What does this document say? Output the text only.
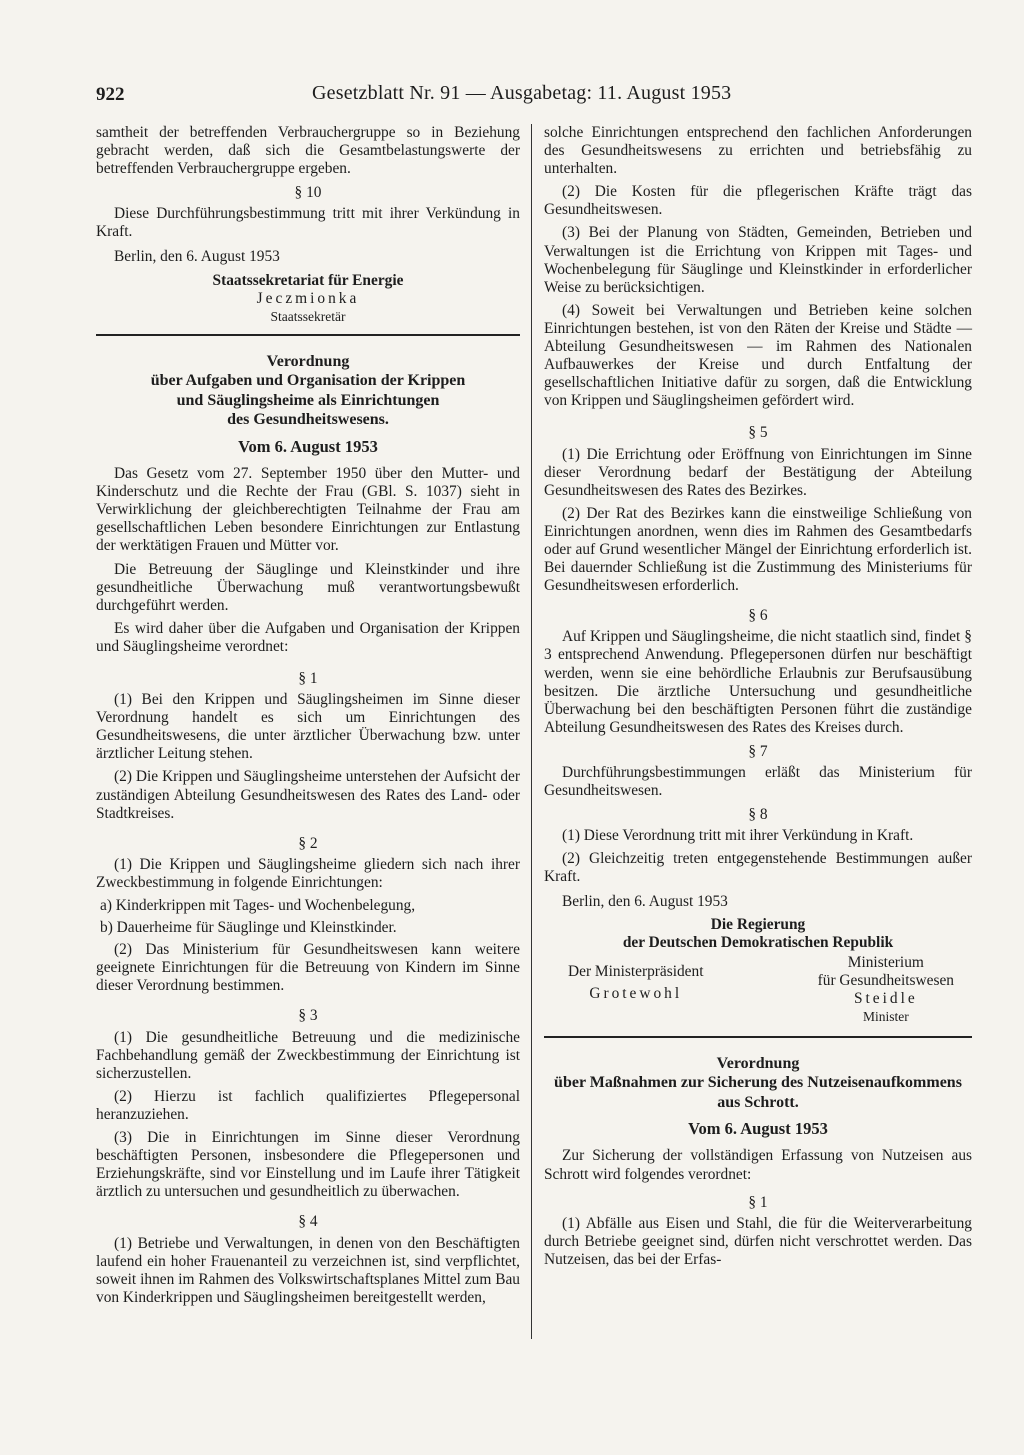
922	Gesetzblatt Nr. 91 — Ausgabetag: 11. August 1953

samtheit der betreffenden Verbrauchergruppe so in Beziehung gebracht werden, daß sich die Gesamtbelastungswerte der betreffenden Verbrauchergruppe ergeben.

§ 10

Diese Durchführungsbestimmung tritt mit ihrer Verkündung in Kraft.

Berlin, den 6. August 1953

Staatssekretariat für Energie

Jeczmionka

Staatssekretär

Verordnung

über Aufgaben und Organisation der Krippen

und Säuglingsheime als Einrichtungen

des Gesundheitswesens.

Vom 6. August 1953

Das Gesetz vom 27. September 1950 über den Mutter- und Kinderschutz und die Rechte der Frau (GBl. S. 1037) sieht in Verwirklichung der gleichberechtigten Teilnahme der Frau am gesellschaftlichen Leben besondere Einrichtungen zur Entlastung der werktätigen Frauen und Mütter vor.

Die Betreuung der Säuglinge und Kleinstkinder und ihre gesundheitliche Überwachung muß verantwortungsbewußt durchgeführt werden.

Es wird daher über die Aufgaben und Organisation der Krippen und Säuglingsheime verordnet:

§ 1

(1) Bei den Krippen und Säuglingsheimen im Sinne dieser Verordnung handelt es sich um Einrichtungen des Gesundheitswesens, die unter ärztlicher Überwachung bzw. unter ärztlicher Leitung stehen.

(2) Die Krippen und Säuglingsheime unterstehen der Aufsicht der zuständigen Abteilung Gesundheitswesen des Rates des Land- oder Stadtkreises.

§ 2

(1) Die Krippen und Säuglingsheime gliedern sich nach ihrer Zweckbestimmung in folgende Einrichtungen:

a) Kinderkrippen mit Tages- und Wochenbelegung,

b) Dauerheime für Säuglinge und Kleinstkinder.

(2) Das Ministerium für Gesundheitswesen kann weitere geeignete Einrichtungen für die Betreuung von Kindern im Sinne dieser Verordnung bestimmen.

§ 3

(1) Die gesundheitliche Betreuung und die medizinische Fachbehandlung gemäß der Zweckbestimmung der Einrichtung ist sicherzustellen.

(2) Hierzu ist fachlich qualifiziertes Pflegepersonal heranzuziehen.

(3) Die in Einrichtungen im Sinne dieser Verordnung beschäftigten Personen, insbesondere die Pflegepersonen und Erziehungskräfte, sind vor Einstellung und im Laufe ihrer Tätigkeit ärztlich zu untersuchen und gesundheitlich zu überwachen.

§ 4

(1) Betriebe und Verwaltungen, in denen von den Beschäftigten laufend ein hoher Frauenanteil zu verzeichnen ist, sind verpflichtet, soweit ihnen im Rahmen des Volkswirtschaftsplanes Mittel zum Bau von Kinderkrippen und Säuglingsheimen bereitgestellt werden,

solche Einrichtungen entsprechend den fachlichen Anforderungen des Gesundheitswesens zu errichten und betriebsfähig zu unterhalten.

(2) Die Kosten für die pflegerischen Kräfte trägt das Gesundheitswesen.

(3) Bei der Planung von Städten, Gemeinden, Betrieben und Verwaltungen ist die Errichtung von Krippen mit Tages- und Wochenbelegung für Säuglinge und Kleinstkinder in erforderlicher Weise zu berücksichtigen.

(4) Soweit bei Verwaltungen und Betrieben keine solchen Einrichtungen bestehen, ist von den Räten der Kreise und Städte — Abteilung Gesundheitswesen — im Rahmen des Nationalen Aufbauwerkes der Kreise und durch Entfaltung der gesellschaftlichen Initiative dafür zu sorgen, daß die Entwicklung von Krippen und Säuglingsheimen gefördert wird.

§ 5

(1) Die Errichtung oder Eröffnung von Einrichtungen im Sinne dieser Verordnung bedarf der Bestätigung der Abteilung Gesundheitswesen des Rates des Bezirkes.

(2) Der Rat des Bezirkes kann die einstweilige Schließung von Einrichtungen anordnen, wenn dies im Rahmen des Gesamtbedarfs oder auf Grund wesentlicher Mängel der Einrichtung erforderlich ist. Bei dauernder Schließung ist die Zustimmung des Ministeriums für Gesundheitswesen erforderlich.

§ 6

Auf Krippen und Säuglingsheime, die nicht staatlich sind, findet § 3 entsprechend Anwendung. Pflegepersonen dürfen nur beschäftigt werden, wenn sie eine behördliche Erlaubnis zur Berufsausübung besitzen. Die ärztliche Untersuchung und gesundheitliche Überwachung bei den beschäftigten Personen führt die zuständige Abteilung Gesundheitswesen des Rates des Kreises durch.

§ 7

Durchführungsbestimmungen erläßt das Ministerium für Gesundheitswesen.

§ 8

(1) Diese Verordnung tritt mit ihrer Verkündung in Kraft.

(2) Gleichzeitig treten entgegenstehende Bestimmungen außer Kraft.

Berlin, den 6. August 1953

Die Regierung

der Deutschen Demokratischen Republik

Der Ministerpräsident
Grotewohl
Ministerium
für Gesundheitswesen
Steidle
Minister

Verordnung

über Maßnahmen zur Sicherung des Nutzeisenaufkommens aus Schrott.

Vom 6. August 1953

Zur Sicherung der vollständigen Erfassung von Nutzeisen aus Schrott wird folgendes verordnet:

§ 1

(1) Abfälle aus Eisen und Stahl, die für die Weiterverarbeitung durch Betriebe geeignet sind, dürfen nicht verschrottet werden. Das Nutzeisen, das bei der Erfas-
